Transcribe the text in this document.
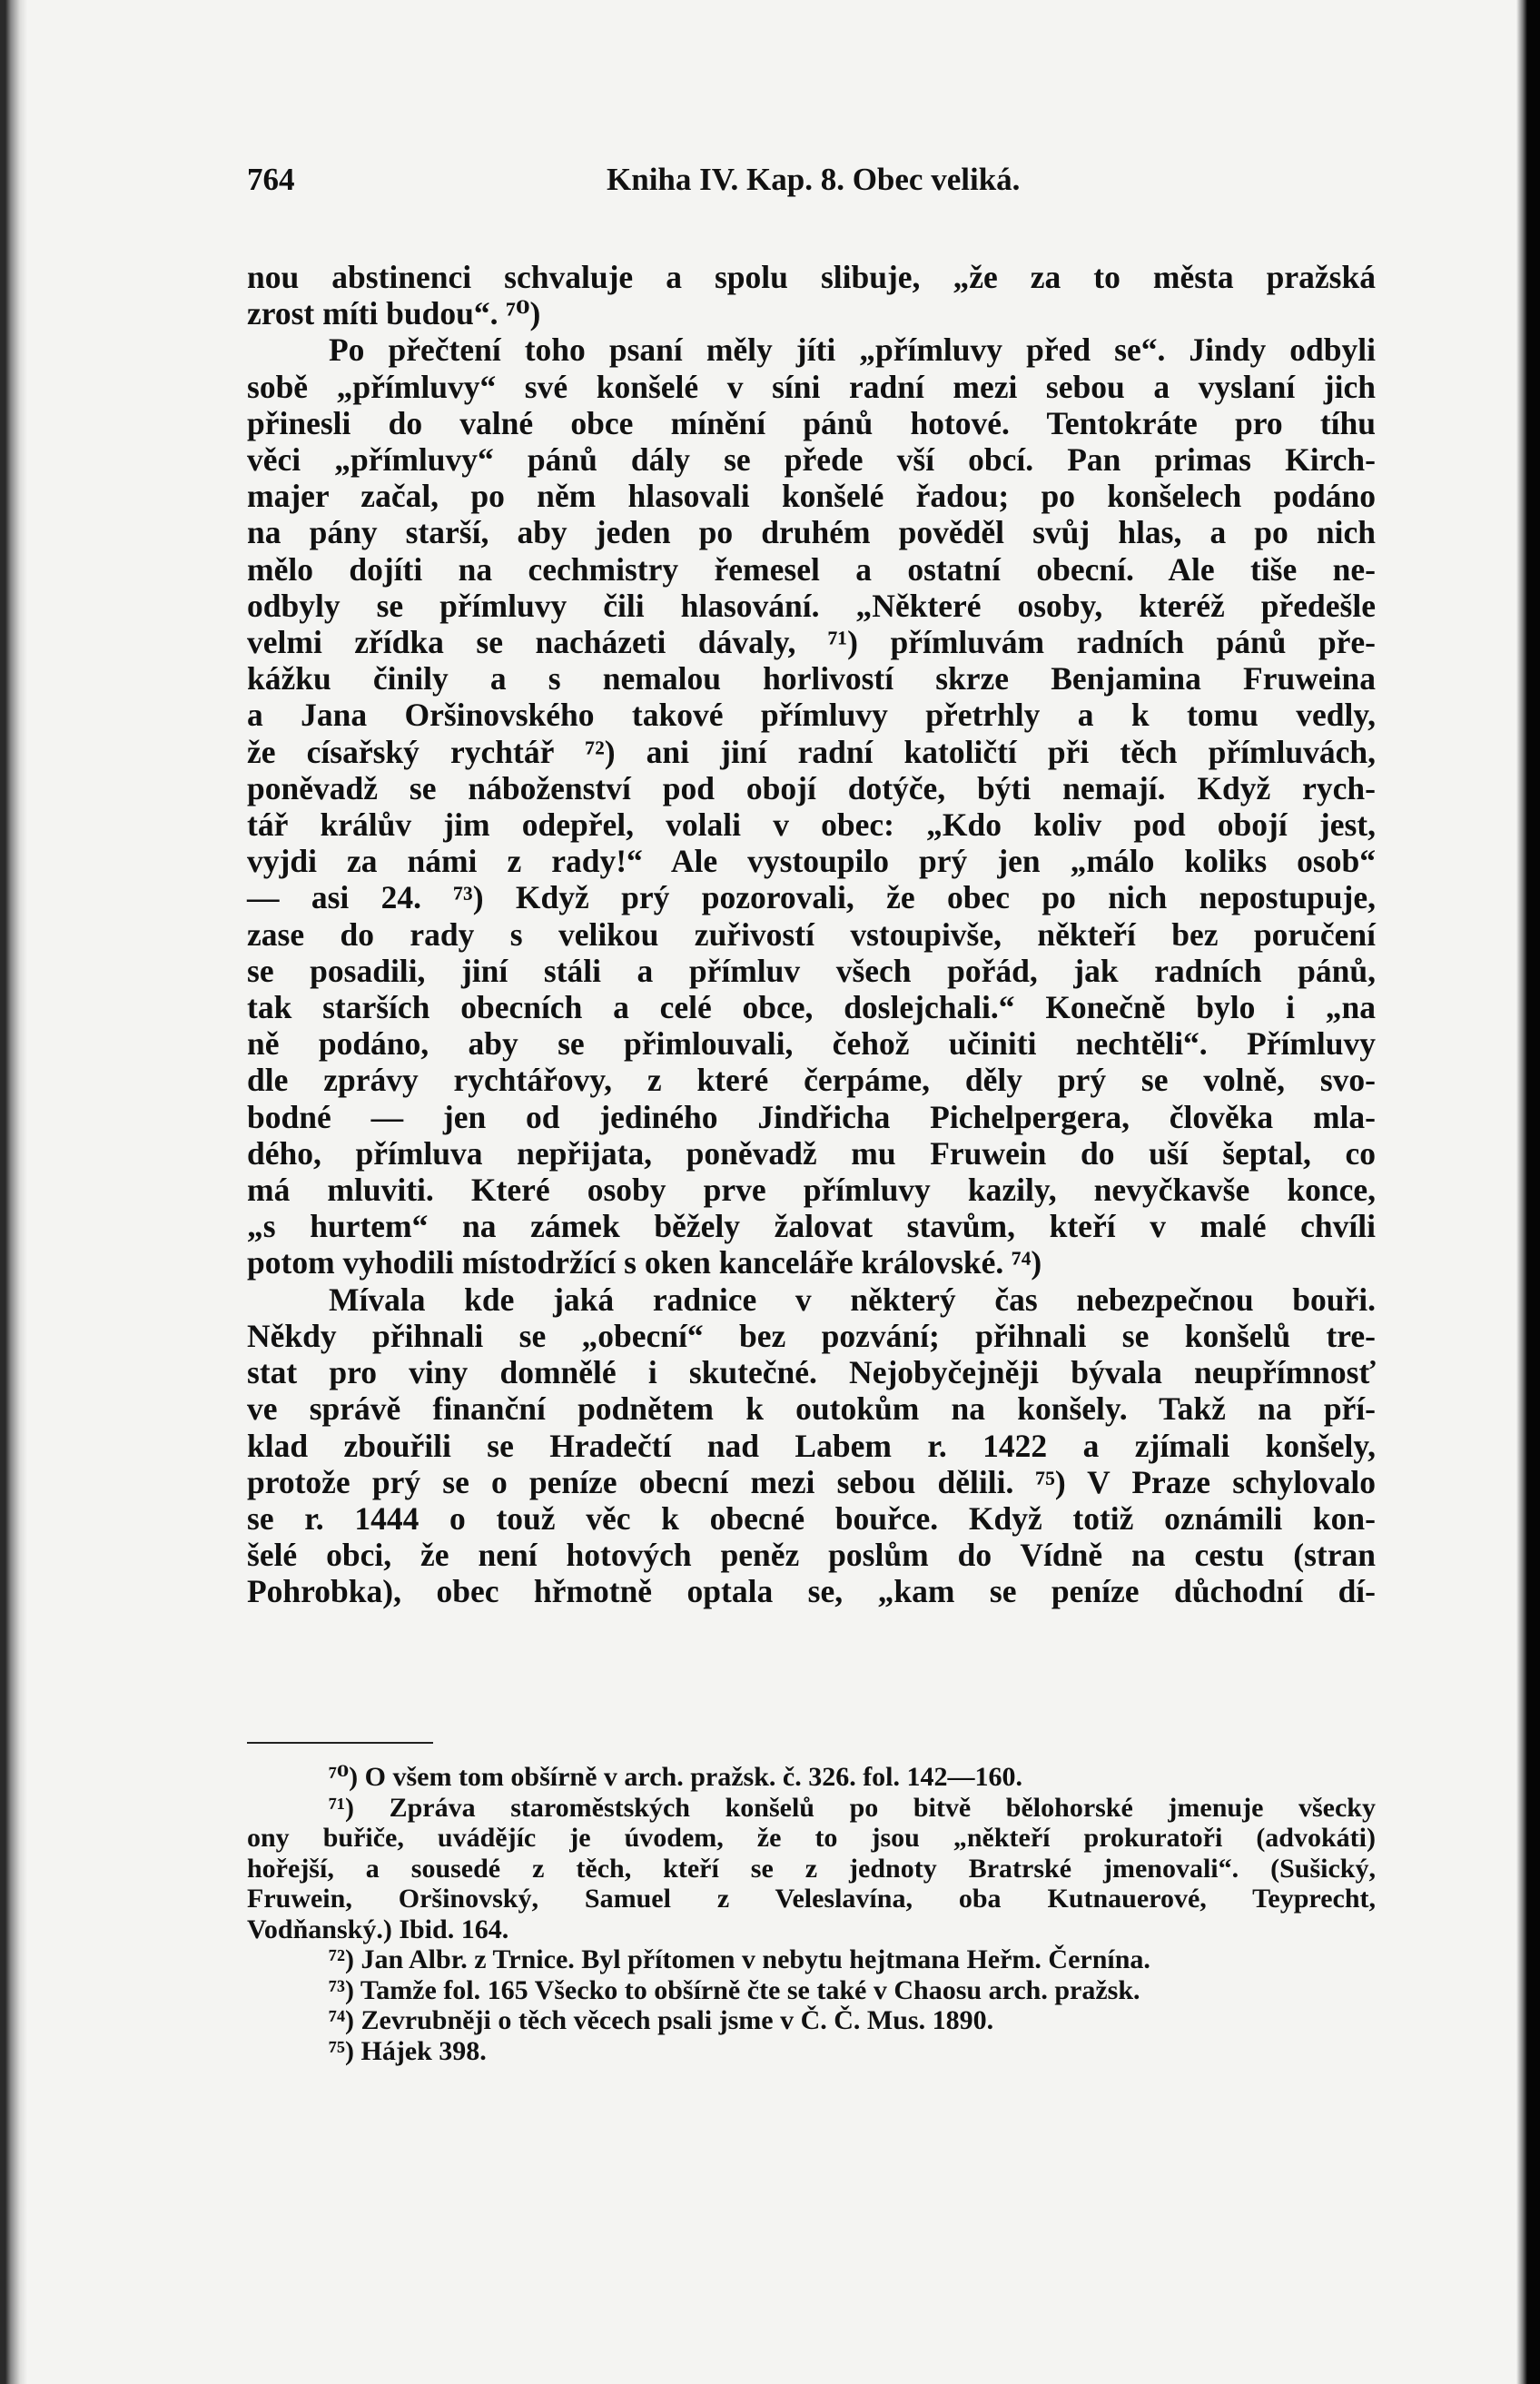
764	Kniha IV. Kap. 8. Obec veliká.
nou abstinenci schvaluje a spolu slibuje, „že za to města pražská
zrost míti budou“. ⁷⁰)
Po přečtení toho psaní měly jíti „přímluvy před se“. Jindy odbyli
sobě „přímluvy“ své konšelé v síni radní mezi sebou a vyslaní jich
přinesli do valné obce mínění pánů hotové. Tentokráte pro tíhu
věci „přímluvy“ pánů dály se přede vší obcí. Pan primas Kirch-
majer začal, po něm hlasovali konšelé řadou; po konšelech podáno
na pány starší, aby jeden po druhém pověděl svůj hlas, a po nich
mělo dojíti na cechmistry řemesel a ostatní obecní. Ale tiše ne-
odbyly se přímluvy čili hlasování. „Některé osoby, kteréž předešle
velmi zřídka se nacházeti dávaly, ⁷¹) přímluvám radních pánů pře-
kážku činily a s nemalou horlivostí skrze Benjamina Fruweina
a Jana Oršinovského takové přímluvy přetrhly a k tomu vedly,
že císařský rychtář ⁷²) ani jiní radní katoličtí při těch přímluvách,
poněvadž se náboženství pod obojí dotýče, býti nemají. Když rych-
tář králův jim odepřel, volali v obec: „Kdo koliv pod obojí jest,
vyjdi za námi z rady!“ Ale vystoupilo prý jen „málo koliks osob“
— asi 24. ⁷³) Když prý pozorovali, že obec po nich nepostupuje,
zase do rady s velikou zuřivostí vstoupivše, někteří bez poručení
se posadili, jiní stáli a přímluv všech pořád, jak radních pánů,
tak starších obecních a celé obce, doslejchali.“ Konečně bylo i „na
ně podáno, aby se přimlouvali, čehož učiniti nechtěli“. Přímluvy
dle zprávy rychtářovy, z které čerpáme, děly prý se volně, svo-
bodné — jen od jediného Jindřicha Pichelpergera, člověka mla-
dého, přímluva nepřijata, poněvadž mu Fruwein do uší šeptal, co
má mluviti. Které osoby prve přímluvy kazily, nevyčkavše konce,
„s hurtem“ na zámek běžely žalovat stavům, kteří v malé chvíli
potom vyhodili místodržící s oken kanceláře královské. ⁷⁴)
Mívala kde jaká radnice v některý čas nebezpečnou bouři.
Někdy přihnali se „obecní“ bez pozvání; přihnali se konšelů tre-
stat pro viny domnělé i skutečné. Nejobyčejněji bývala neupřímnosť
ve správě finanční podnětem k outokům na konšely. Takž na pří-
klad zbouřili se Hradečtí nad Labem r. 1422 a zjímali konšely,
protože prý se o peníze obecní mezi sebou dělili. ⁷⁵) V Praze schylovalo
se r. 1444 o touž věc k obecné bouřce. Když totiž oznámili kon-
šelé obci, že není hotových peněz poslům do Vídně na cestu (stran
Pohrobka), obec hřmotně optala se, „kam se peníze důchodní dí-
⁷⁰) O všem tom obšírně v arch. pražsk. č. 326. fol. 142—160.
⁷¹) Zpráva staroměstských konšelů po bitvě bělohorské jmenuje všecky
ony buřiče, uvádějíc je úvodem, že to jsou „někteří prokuratoři (advokáti)
hořejší, a sousedé z těch, kteří se z jednoty Bratrské jmenovali“. (Sušický,
Fruwein, Oršinovský, Samuel z Veleslavína, oba Kutnauerové, Teyprecht,
Vodňanský.) Ibid. 164.
⁷²) Jan Albr. z Trnice. Byl přítomen v nebytu hejtmana Heřm. Černína.
⁷³) Tamže fol. 165 Všecko to obšírně čte se také v Chaosu arch. pražsk.
⁷⁴) Zevrubněji o těch věcech psali jsme v Č. Č. Mus. 1890.
⁷⁵) Hájek 398.
